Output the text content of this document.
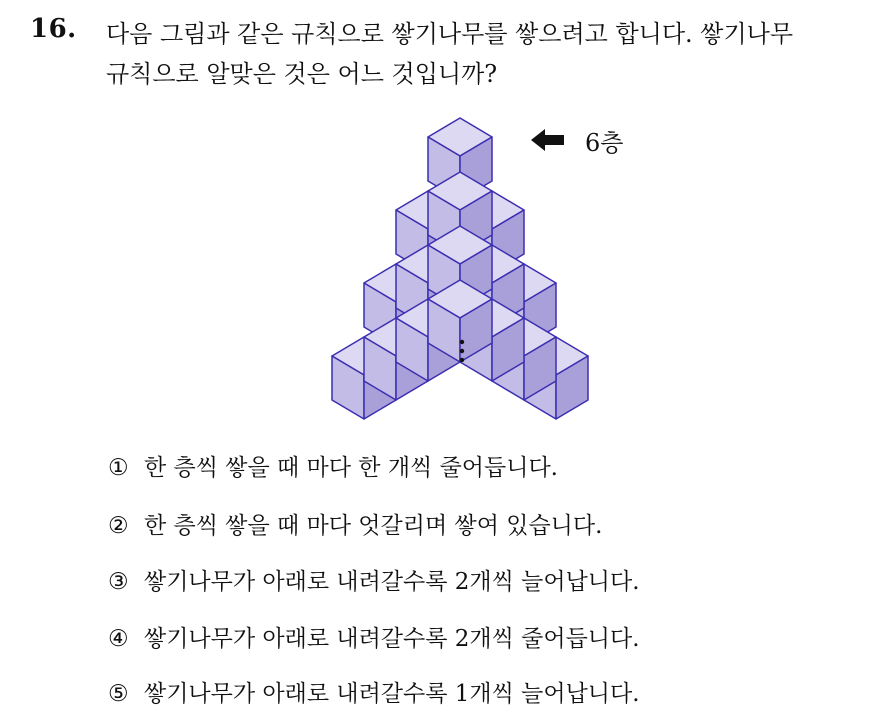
16. 다음 그림과 같은 규칙으로 쌓기나무를 쌓으려고 합니다. 쌓기나무
규칙으로 알맞은 것은 어느 것입니까?
6층
① 한 층씩 쌓을 때 마다 한 개씩 줄어듭니다.
② 한 층씩 쌓을 때 마다 엇갈리며 쌓여 있습니다.
③ 쌓기나무가 아래로 내려갈수록 2개씩 늘어납니다.
④ 쌓기나무가 아래로 내려갈수록 2개씩 줄어듭니다.
⑤ 쌓기나무가 아래로 내려갈수록 1개씩 늘어납니다.
